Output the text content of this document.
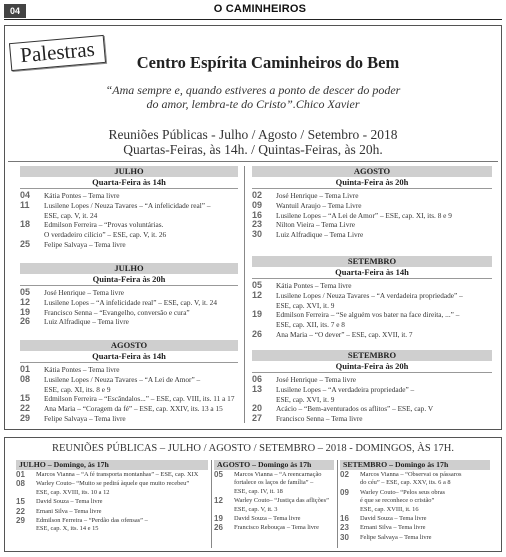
04	O CAMINHEIROS
Palestras	Centro Espírita Caminheiros do Bem
“Ama sempre e, quando estiveres a ponto de descer do poder
do amor, lembra-te do Cristo”.Chico Xavier
Reuniões Públicas - Julho / Agosto / Setembro - 2018
Quartas-Feiras, às 14h. / Quintas-Feiras, às 20h.
JULHO
Quarta-Feira às 14h
04	Kátia Pontes – Tema livre
11	Lusilene Lopes / Neuza Tavares – “A infelicidade real” –
ESE, cap. V, it. 24
18	Edmilson Ferreira – “Provas voluntárias.
O verdadeiro cilício” – ESE, cap. V, it. 26
25	Felipe Salvaya – Tema livre
JULHO
Quinta-Feira às 20h
05	José Henrique – Tema livre
12	Lusilene Lopes – “A infelicidade real” – ESE, cap. V, it. 24
19	Francisco Senna – “Evangelho, conversão e cura”
26	Luiz Alfradique – Tema livre
AGOSTO
Quarta-Feira às 14h
01	Kátia Pontes – Tema livre
08	Lusilene Lopes / Neuza Tavares – “A Lei de Amor” –
ESE, cap. XI, its. 8 e 9
15	Edmilson Ferreira – “Escândalos...” – ESE, cap. VIII, its. 11 a 17
22	Ana Maria – “Coragem da fé” – ESE, cap. XXIV, its. 13 a 15
29	Felipe Salvaya – Tema livre
AGOSTO
Quinta-Feira às 20h
02	José Henrique – Tema Livre
09	Wantuil Araujo – Tema Livre
16	Lusilene Lopes – “A Lei de Amor” – ESE, cap. XI, its. 8 e 9
23	Nilton Vieira – Tema Livre
30	Luiz Alfradique – Tema Livre
SETEMBRO
Quarta-Feira às 14h
05	Kátia Pontes – Tema livre
12	Lusilene Lopes / Neuza Tavares – “A verdadeira propriedade” –
ESE, cap. XVI, it. 9
19	Edmilson Ferreira – “Se alguém vos bater na face direita, ...” –
ESE, cap. XII, its. 7 e 8
26	Ana Maria – “O dever” – ESE, cap. XVII, it. 7
SETEMBRO
Quinta-Feira às 20h
06	José Henrique – Tema livre
13	Lusilene Lopes – “A verdadeira propriedade” –
ESE, cap. XVI, it. 9
20	Acácio – “Bem-aventurados os aflitos” – ESE, cap. V
27	Francisco Senna – Tema livre
REUNIÕES PÚBLICAS – JULHO / AGOSTO / SETEMBRO – 2018 - DOMINGOS, ÀS 17H.
JULHO – Domingo, às 17h
01	Marcos Vianna – “A fé transporta montanhas” – ESE, cap. XIX
08	Warley Couto– “Muito se pedirá àquele que muito recebeu”
ESE, cap. XVIII, its. 10 a 12
15	David Souza – Tema livre
22	Ernani Silva – Tema livre
29	Edmilson Ferreira – “Perdão das ofensas” –
ESE, cap. X, its. 14 e 15
AGOSTO – Domingo às 17h
05	Marcos Vianna – “A reencarnação
fortalece os laços de família” –
ESE, cap. IV, it. 18
12	Warley Couto– “Justiça das aflições”
ESE, cap. V, it. 3
19	David Souza – Tema livre
26	Francisco Rebouças – Tema livre
SETEMBRO – Domingo às 17h
02	Marcos Vianna – “Observai os pássaros
do céu” – ESE, cap. XXV, its. 6 a 8
09	Warley Couto– “Pelos seus obras
é que se reconhece o cristão”
ESE, cap. XVIII, it. 16
16	David Souza – Tema livre
23	Ernani Silva – Tema livre
30	Felipe Salvaya – Tema livre
